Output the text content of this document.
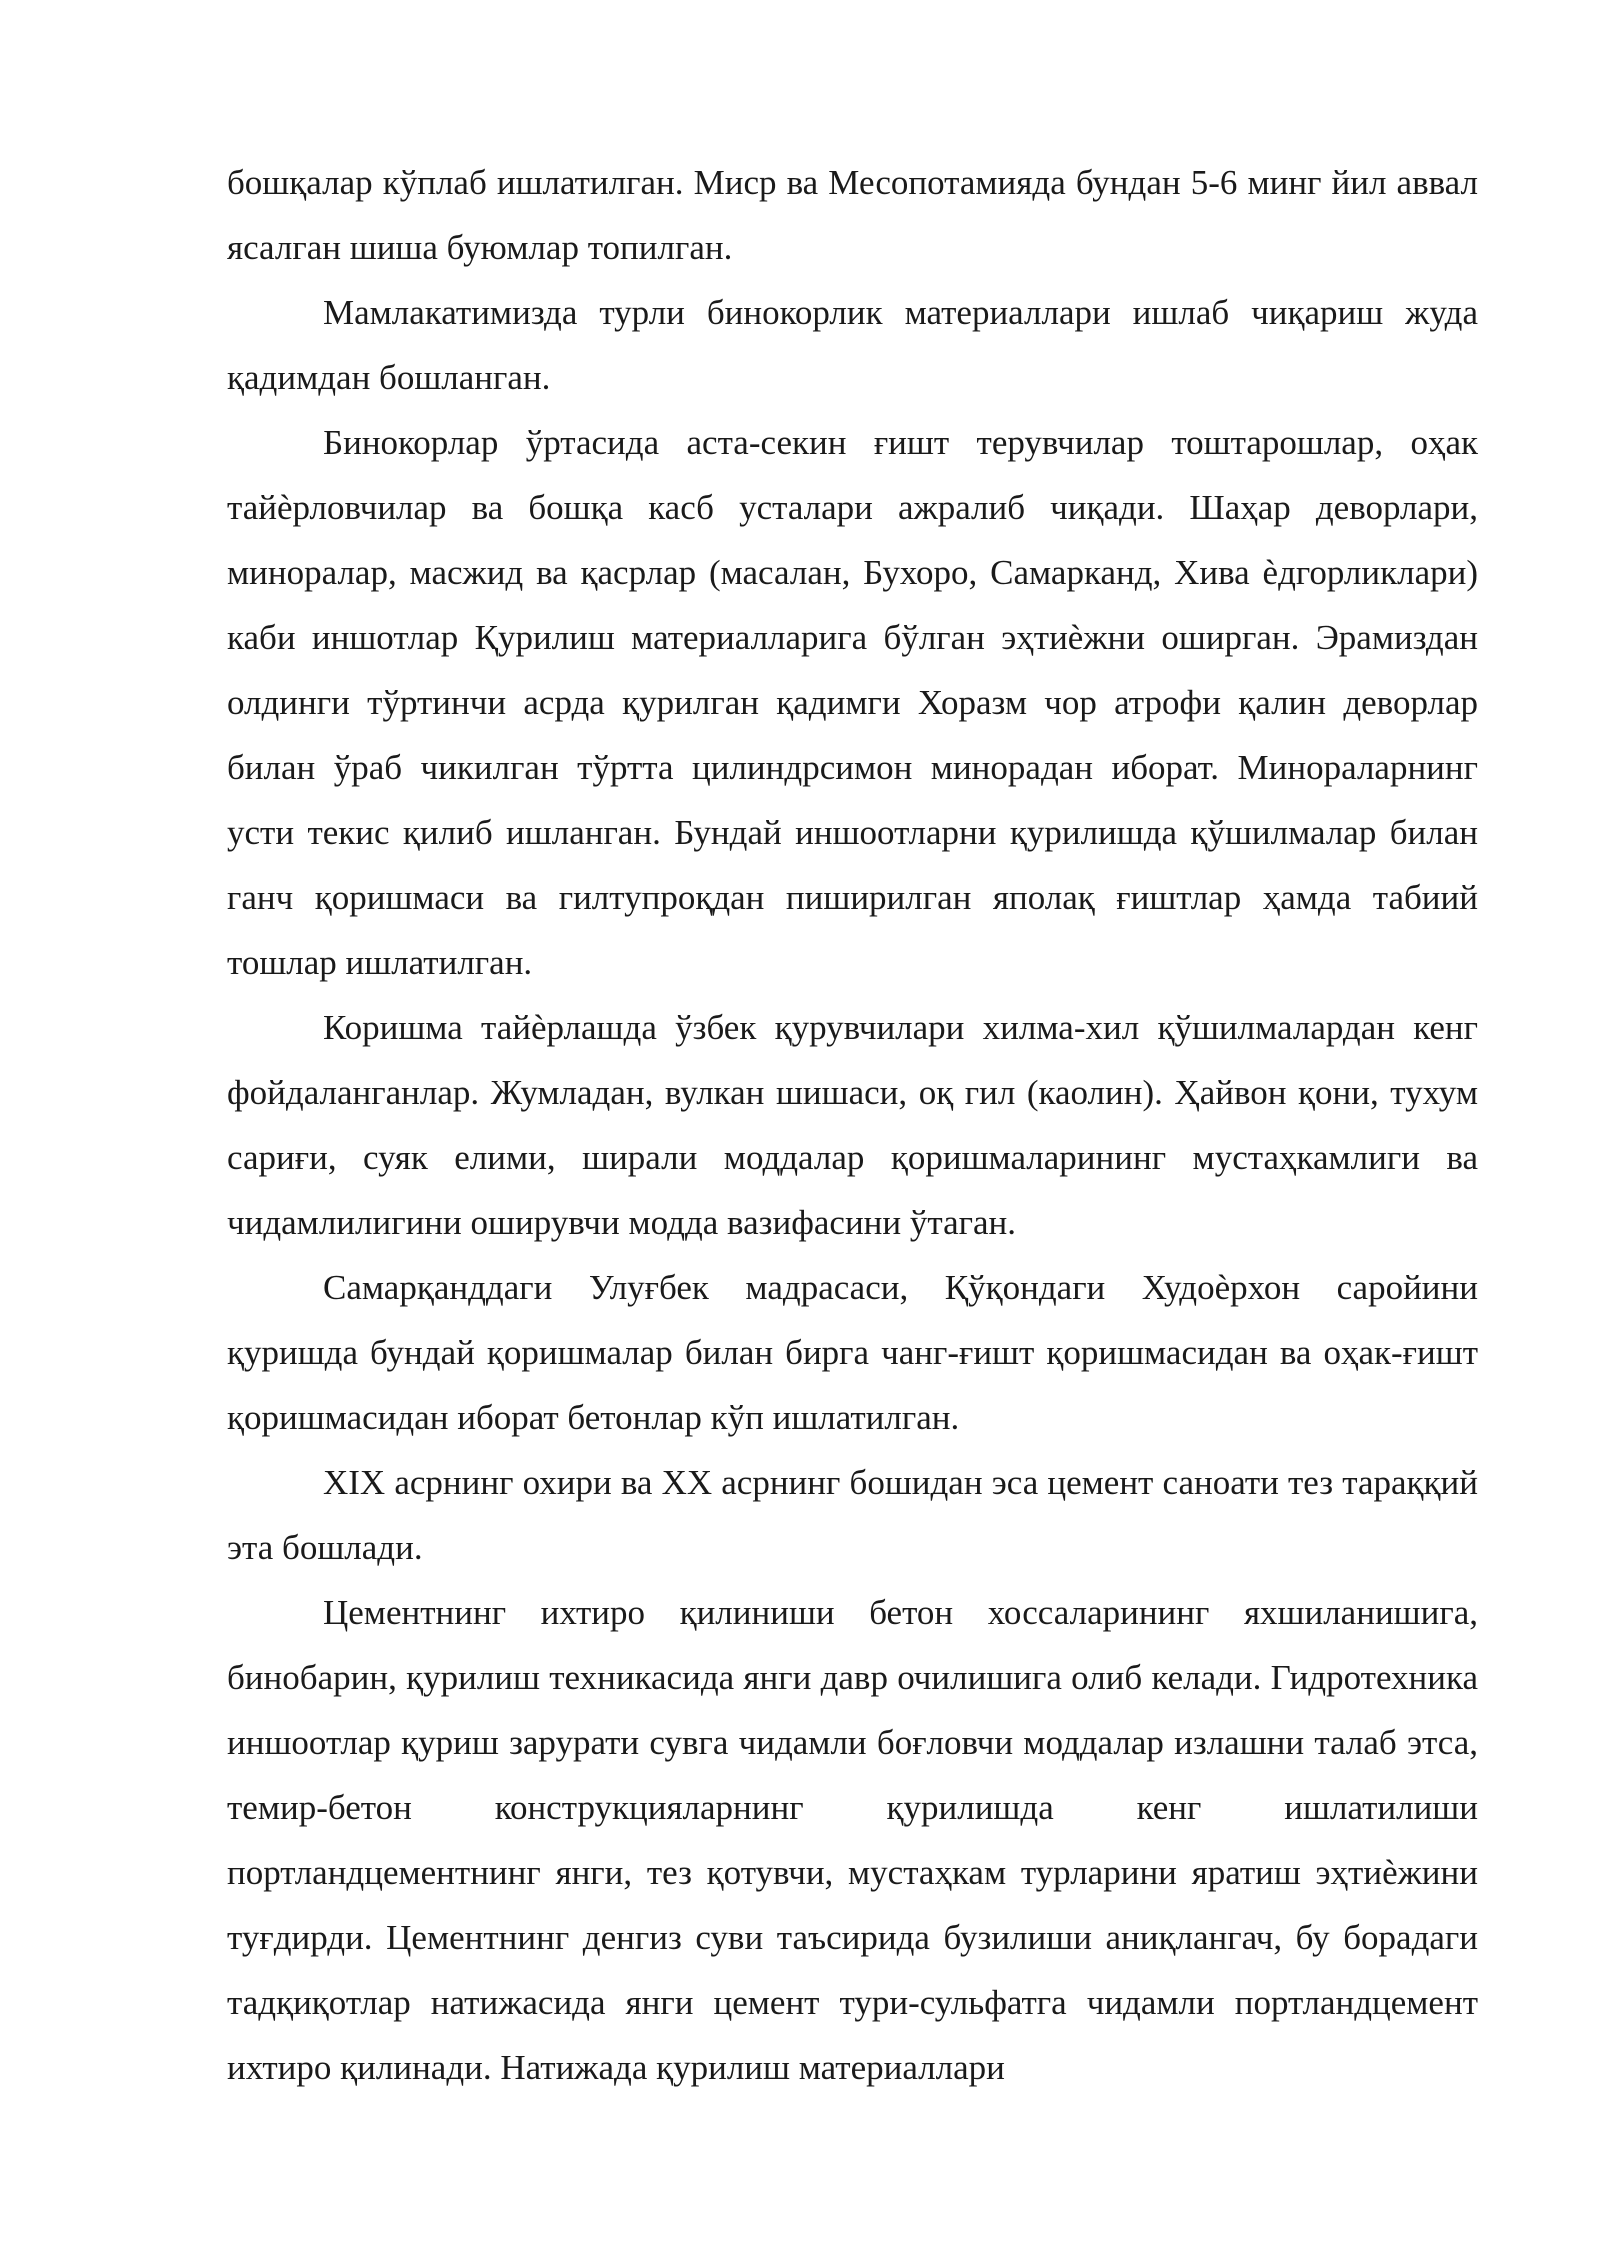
бошқалар кўплаб ишлатилган. Миср ва Месопотамияда бундан 5-6 минг йил аввал ясалган шиша буюмлар топилган.

Мамлакатимизда турли бинокорлик материаллари ишлаб чиқариш жуда қадимдан бошланган.

Бинокорлар ўртасида аста-секин ғишт терувчилар тоштарошлар, оҳак тайѐрловчилар ва бошқа касб усталари ажралиб чиқади. Шаҳар деворлари, миноралар, масжид ва қасрлар (масалан, Бухоро, Самарканд, Хива ѐдгорликлари) каби иншотлар Қурилиш материалларига бўлган эҳтиѐжни оширган. Эрамиздан олдинги тўртинчи асрда қурилган қадимги Хоразм чор атрофи қалин деворлар билан ўраб чикилган тўртта цилиндрсимон минорадан иборат. Минораларнинг усти текис қилиб ишланган. Бундай иншоотларни қурилишда қўшилмалар билан ганч қоришмаси ва гилтупроқдан пиширилган яполақ ғиштлар ҳамда табиий тошлар ишлатилган.

Коришма тайѐрлашда ўзбек қурувчилари хилма-хил қўшилмалардан кенг фойдаланганлар. Жумладан, вулкан шишаси, оқ гил (каолин). Ҳайвон қони, тухум сариғи, суяк елими, ширали моддалар қоришмаларининг мустаҳкамлиги ва чидамлилигини оширувчи модда вазифасини ўтаган.

Самарқанддаги Улуғбек мадрасаси, Қўқондаги Худоѐрхон саройини қуришда бундай қоришмалар билан бирга чанг-ғишт қоришмасидан ва оҳак-ғишт қоришмасидан иборат бетонлар кўп ишлатилган.

XIX асрнинг охири ва XX асрнинг бошидан эса цемент саноати тез тараққий эта бошлади.

Цементнинг ихтиро қилиниши бетон хоссаларининг яхшиланишига, бинобарин, қурилиш техникасида янги давр очилишига олиб келади. Гидротехника иншоотлар қуриш зарурати сувга чидамли боғловчи моддалар излашни талаб этса, темир-бетон конструкцияларнинг қурилишда кенг ишлатилиши портландцементнинг янги, тез қотувчи, мустаҳкам турларини яратиш эҳтиѐжини туғдирди. Цементнинг денгиз суви таъсирида бузилиши аниқлангач, бу борадаги тадқиқотлар натижасида янги цемент тури-сульфатга чидамли портландцемент ихтиро қилинади. Натижада қурилиш материаллари
